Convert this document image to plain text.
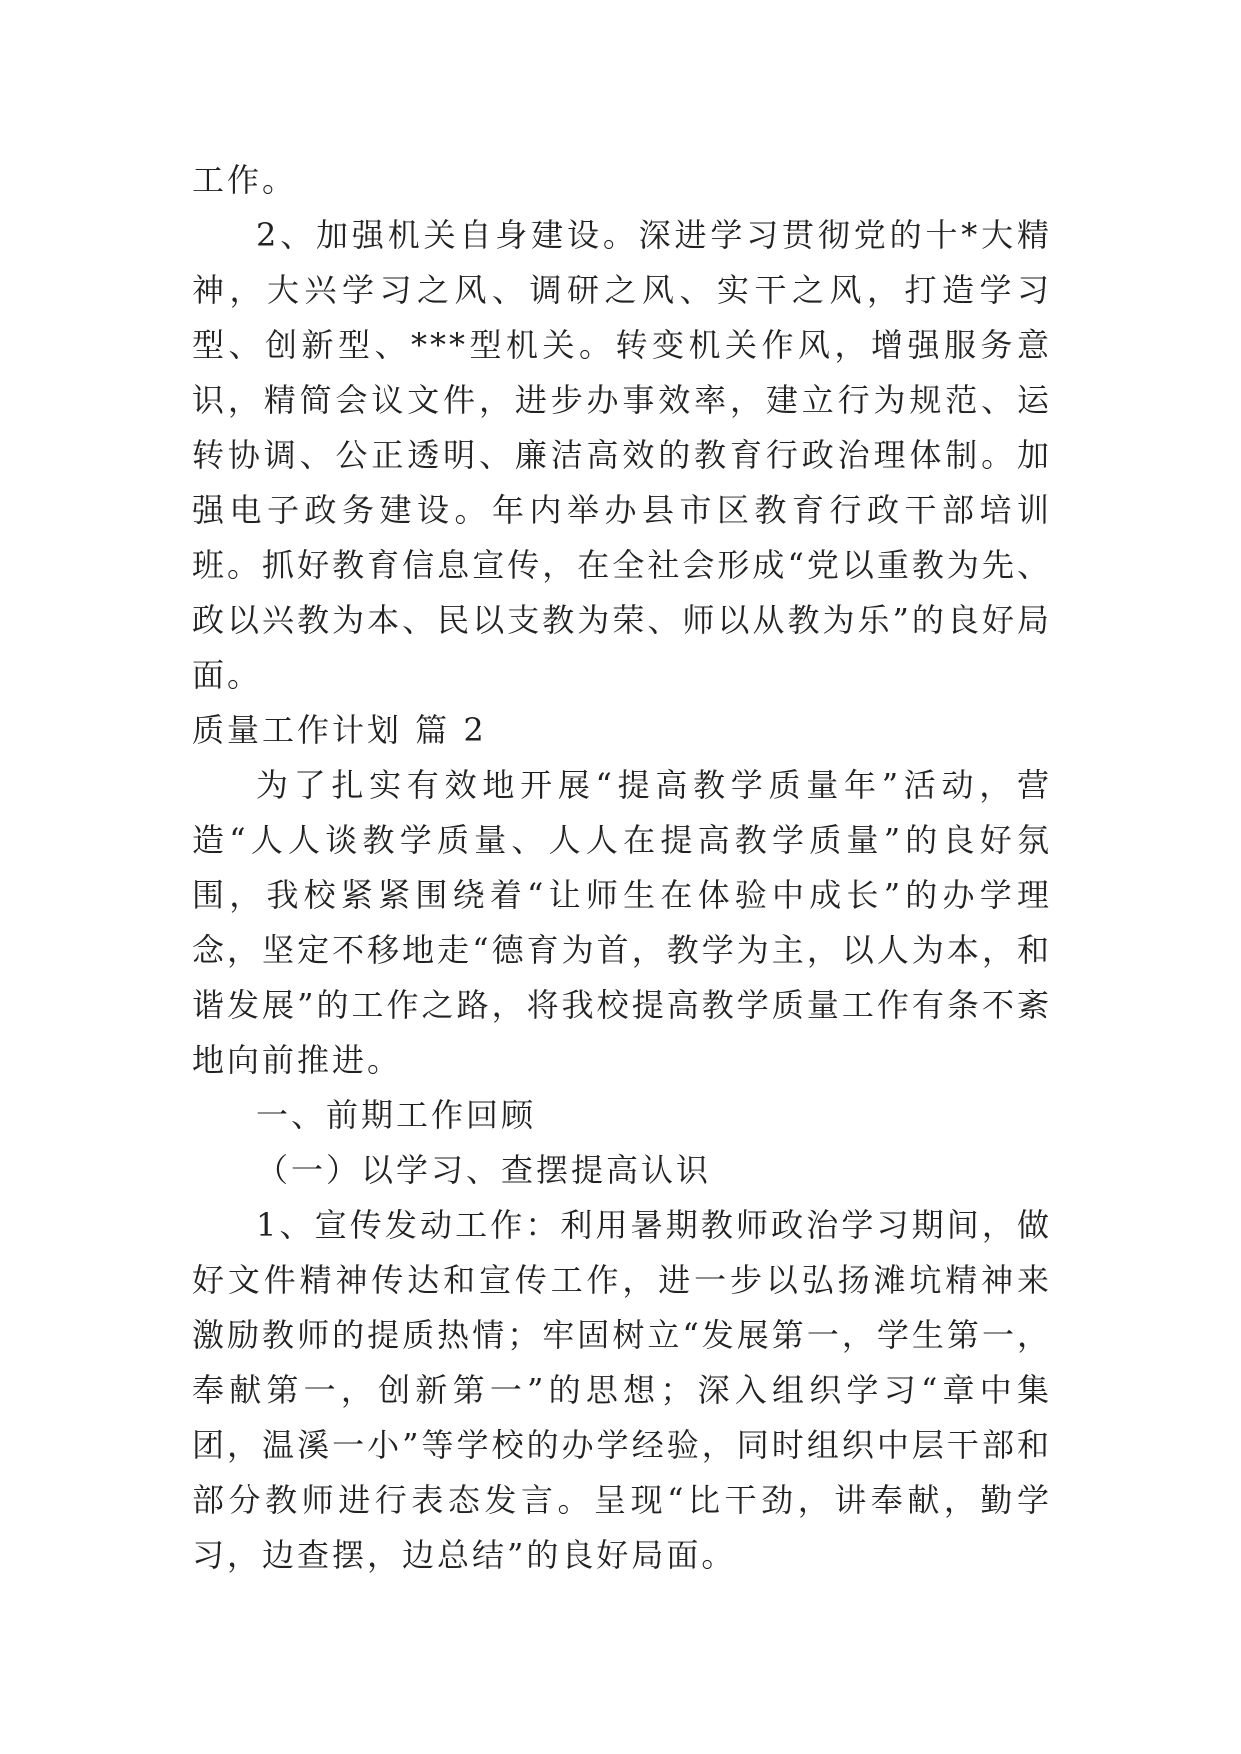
工作。

2、加强机关自身建设。深进学习贯彻党的十*大精神，大兴学习之风、调研之风、实干之风，打造学习型、创新型、***型机关。转变机关作风，增强服务意识，精简会议文件，进步办事效率，建立行为规范、运转协调、公正透明、廉洁高效的教育行政治理体制。加强电子政务建设。年内举办县市区教育行政干部培训班。抓好教育信息宣传，在全社会形成“党以重教为先、政以兴教为本、民以支教为荣、师以从教为乐”的良好局面。

质量工作计划 篇 2

为了扎实有效地开展“提高教学质量年”活动，营造“人人谈教学质量、人人在提高教学质量”的良好氛围，我校紧紧围绕着“让师生在体验中成长”的办学理念，坚定不移地走“德育为首，教学为主，以人为本，和谐发展”的工作之路，将我校提高教学质量工作有条不紊地向前推进。

一、前期工作回顾

（一）以学习、查摆提高认识

1、宣传发动工作：利用暑期教师政治学习期间，做好文件精神传达和宣传工作，进一步以弘扬滩坑精神来激励教师的提质热情；牢固树立“发展第一，学生第一，奉献第一，创新第一”的思想；深入组织学习“章中集团，温溪一小”等学校的办学经验，同时组织中层干部和部分教师进行表态发言。呈现“比干劲，讲奉献，勤学习，边查摆，边总结”的良好局面。
